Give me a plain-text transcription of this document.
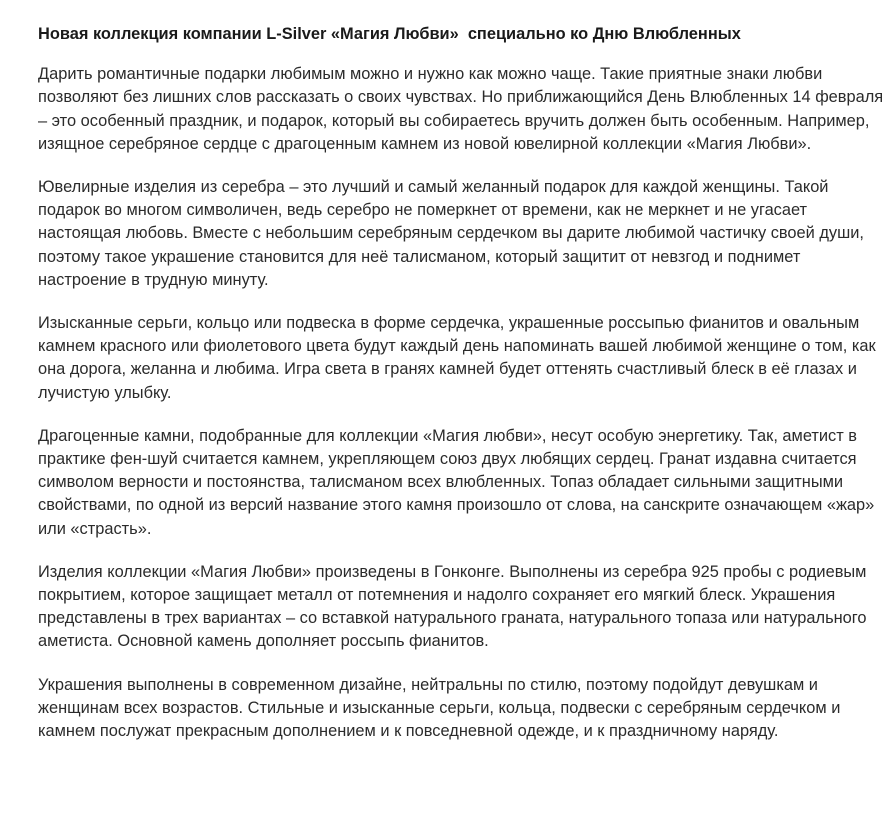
Новая коллекция компании L-Silver «Магия Любви»  специально ко Дню Влюбленных

Дарить романтичные подарки любимым можно и нужно как можно чаще. Такие приятные знаки любви позволяют без лишних слов рассказать о своих чувствах. Но приближающийся День Влюбленных 14 февраля – это особенный праздник, и подарок, который вы собираетесь вручить должен быть особенным. Например, изящное серебряное сердце с драгоценным камнем из новой ювелирной коллекции «Магия Любви».

Ювелирные изделия из серебра – это лучший и самый желанный подарок для каждой женщины. Такой подарок во многом символичен, ведь серебро не померкнет от времени, как не меркнет и не угасает настоящая любовь. Вместе с небольшим серебряным сердечком вы дарите любимой частичку своей души, поэтому такое украшение становится для неё талисманом, который защитит от невзгод и поднимет настроение в трудную минуту.

Изысканные серьги, кольцо или подвеска в форме сердечка, украшенные россыпью фианитов и овальным камнем красного или фиолетового цвета будут каждый день напоминать вашей любимой женщине о том, как она дорога, желанна и любима. Игра света в гранях камней будет оттенять счастливый блеск в её глазах и лучистую улыбку.

Драгоценные камни, подобранные для коллекции «Магия любви», несут особую энергетику. Так, аметист в практике фен-шуй считается камнем, укрепляющем союз двух любящих сердец. Гранат издавна считается символом верности и постоянства, талисманом всех влюбленных. Топаз обладает сильными защитными свойствами, по одной из версий название этого камня произошло от слова, на санскрите означающем «жар» или «страсть».

Изделия коллекции «Магия Любви» произведены в Гонконге. Выполнены из серебра 925 пробы с родиевым покрытием, которое защищает металл от потемнения и надолго сохраняет его мягкий блеск. Украшения представлены в трех вариантах – со вставкой натурального граната, натурального топаза или натурального аметиста. Основной камень дополняет россыпь фианитов.

Украшения выполнены в современном дизайне, нейтральны по стилю, поэтому подойдут девушкам и женщинам всех возрастов. Стильные и изысканные серьги, кольца, подвески с серебряным сердечком и камнем послужат прекрасным дополнением и к повседневной одежде, и к праздничному наряду.
